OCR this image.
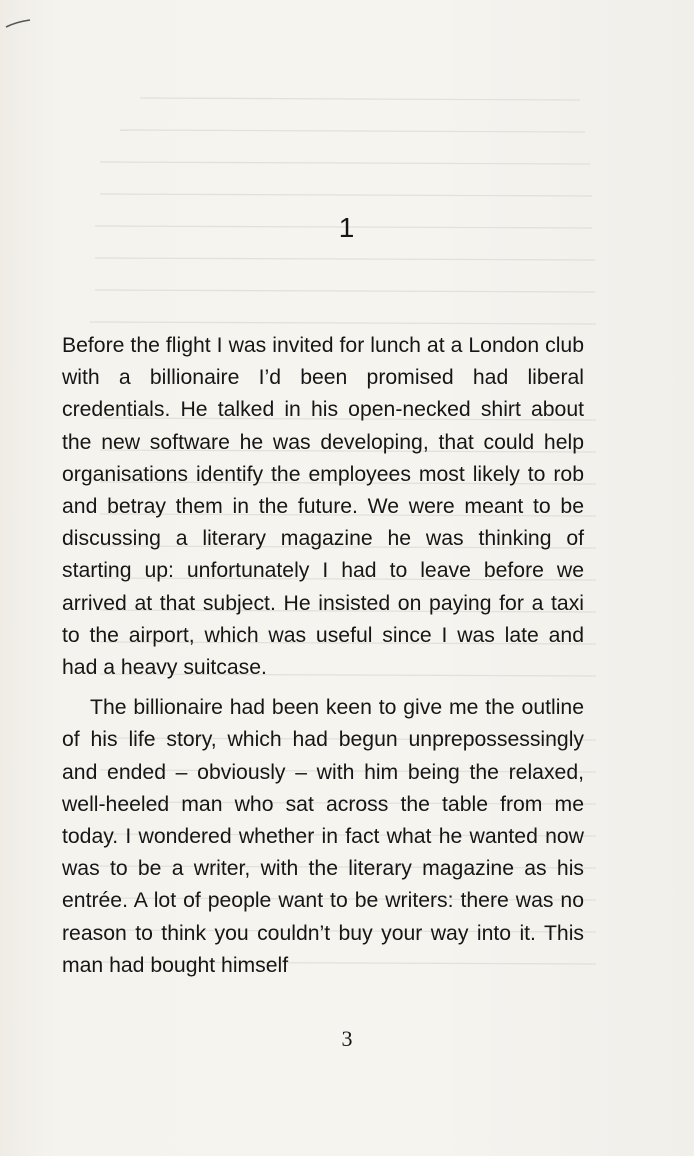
1

Before the flight I was invited for lunch at a London club with a billionaire I’d been promised had liberal credentials. He talked in his open-necked shirt about the new software he was developing, that could help organisations identify the employees most likely to rob and betray them in the future. We were meant to be discussing a literary magazine he was thinking of starting up: unfortunately I had to leave before we arrived at that subject. He insisted on paying for a taxi to the airport, which was useful since I was late and had a heavy suitcase.

The billionaire had been keen to give me the outline of his life story, which had begun unprepossessingly and ended – obviously – with him being the relaxed, well-heeled man who sat across the table from me today. I wondered whether in fact what he wanted now was to be a writer, with the literary magazine as his entrée. A lot of people want to be writers: there was no reason to think you couldn’t buy your way into it. This man had bought himself

3
